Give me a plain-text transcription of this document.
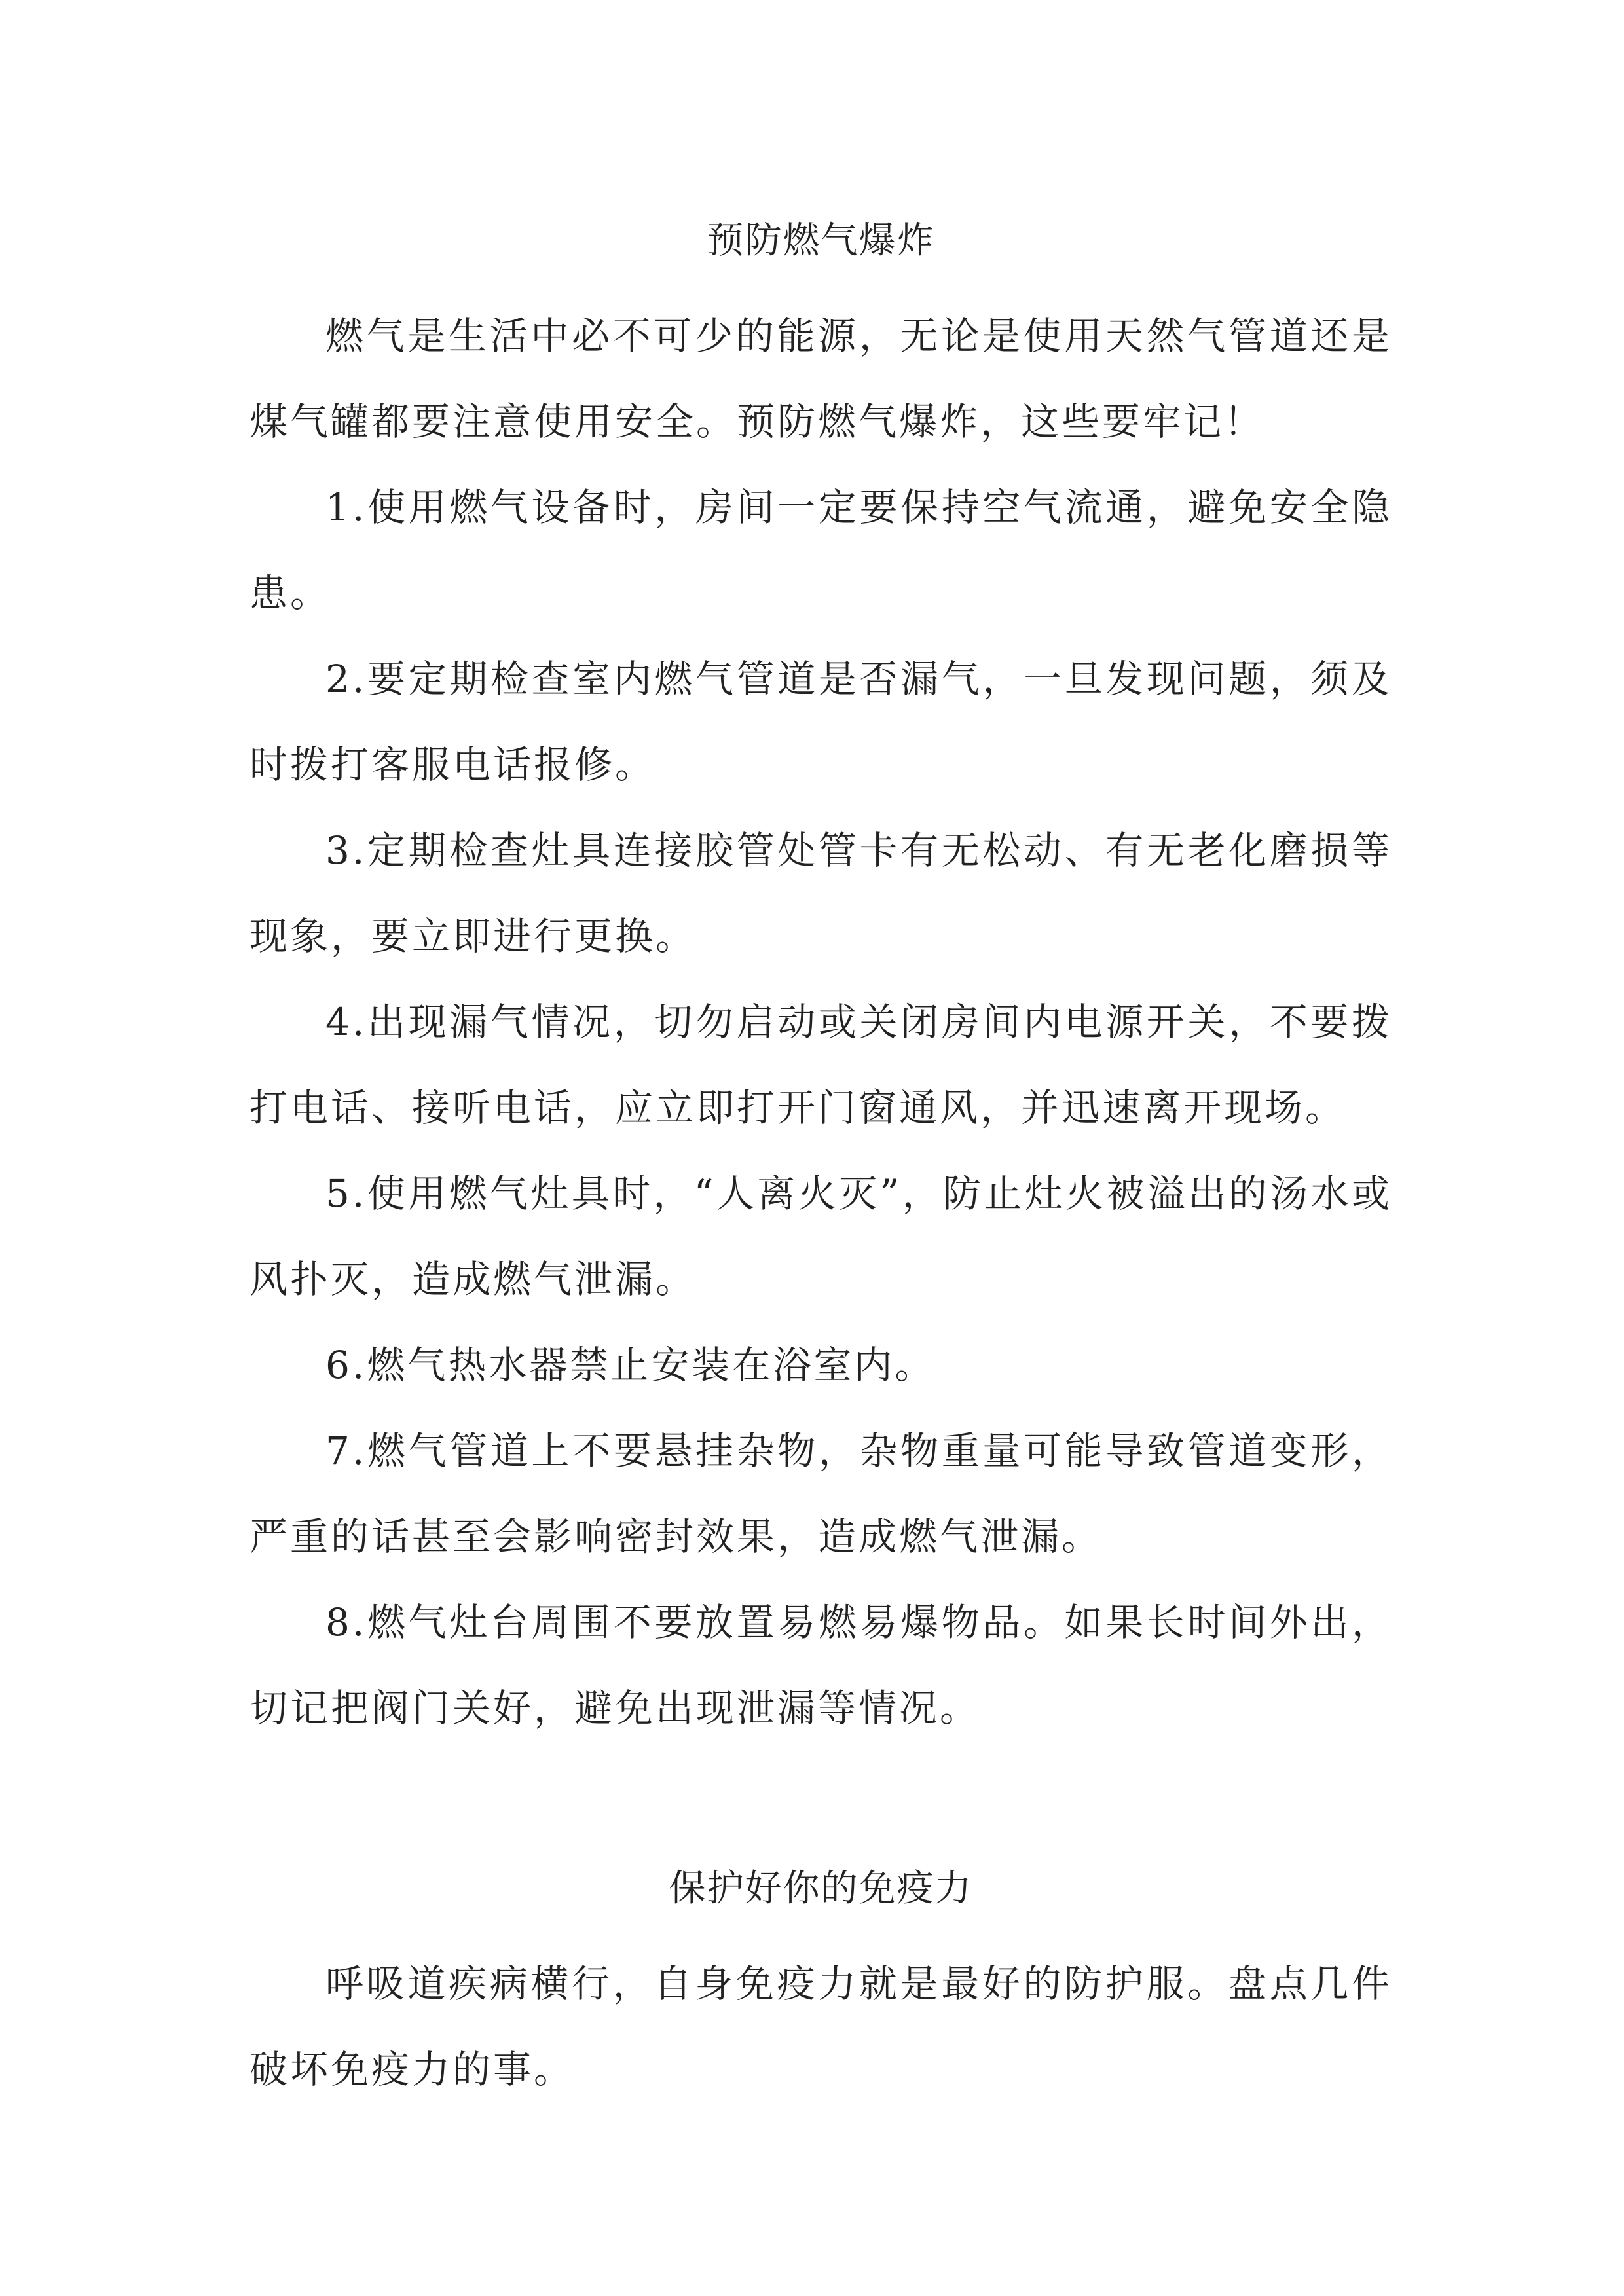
预防燃气爆炸

燃气是生活中必不可少的能源，无论是使用天然气管道还是煤气罐都要注意使用安全。预防燃气爆炸，这些要牢记！

1.使用燃气设备时，房间一定要保持空气流通，避免安全隐患。

2.要定期检查室内燃气管道是否漏气，一旦发现问题，须及时拨打客服电话报修。

3.定期检查灶具连接胶管处管卡有无松动、有无老化磨损等现象，要立即进行更换。

4.出现漏气情况，切勿启动或关闭房间内电源开关，不要拨打电话、接听电话，应立即打开门窗通风，并迅速离开现场。

5.使用燃气灶具时，“人离火灭”，防止灶火被溢出的汤水或风扑灭，造成燃气泄漏。

6.燃气热水器禁止安装在浴室内。

7.燃气管道上不要悬挂杂物，杂物重量可能导致管道变形，严重的话甚至会影响密封效果，造成燃气泄漏。

8.燃气灶台周围不要放置易燃易爆物品。如果长时间外出，切记把阀门关好，避免出现泄漏等情况。

保护好你的免疫力

呼吸道疾病横行，自身免疫力就是最好的防护服。盘点几件破坏免疫力的事。
